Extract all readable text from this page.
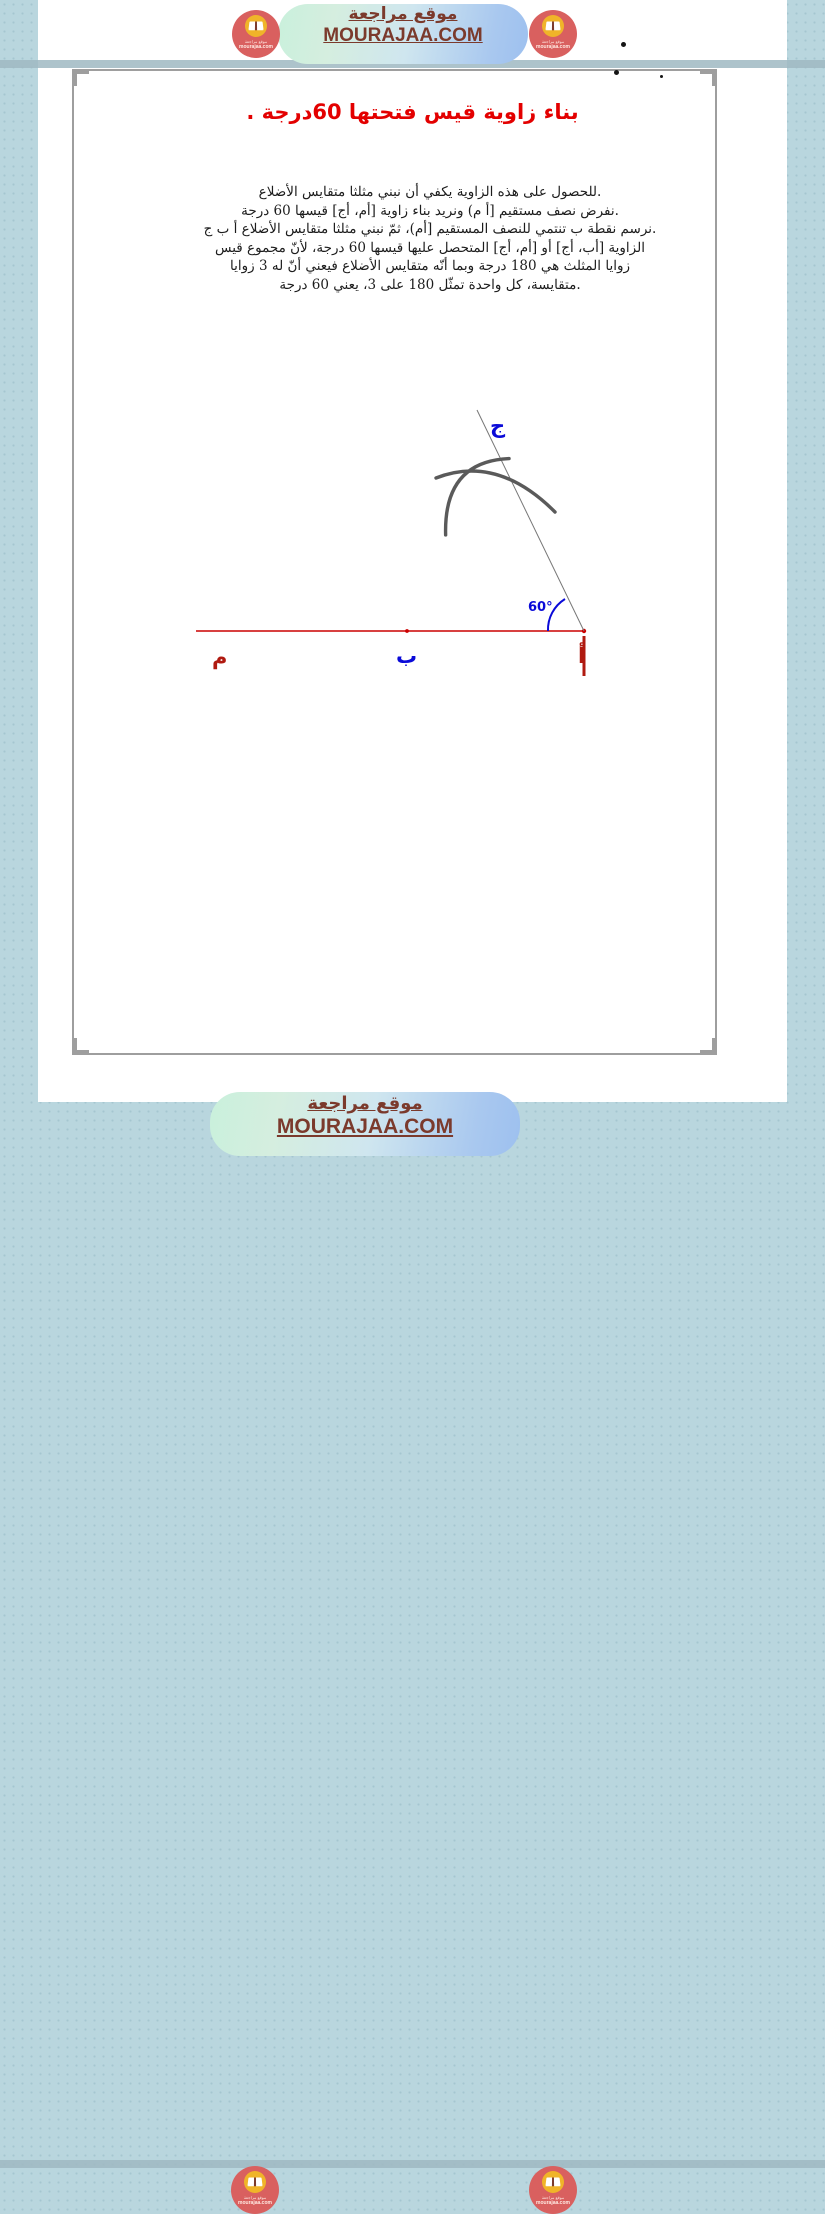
بناء زاوية قيس فتحتها 60درجة .
.للحصول على هذه الزاوية يكفي أن نبني مثلثا متقايس الأضلاع
.نفرض نصف مستقيم [أ م) ونريد بناء زاوية [أم، أج] قيسها 60 درجة
.نرسم نقطة ب تنتمي للنصف المستقيم [أم)، ثمّ نبني مثلثا متقايس الأضلاع أ ب ج
الزاوية [أب، أج] أو [أم، أج] المتحصل عليها قيسها 60 درجة، لأنّ مجموع قيس
زوايا المثلث هي 180 درجة وبما أنّه متقايس الأضلاع فيعني أنّ له 3 زوايا
.متقايسة، كل واحدة تمثّل 180 على 3، يعني 60 درجة
60°
م	ب	أ
ج
موقع مراجعة
MOURAJAA.COM
موقع مراجعة
mourajaa.com
موقع مراجعة
mourajaa.com
موقع مراجعة
MOURAJAA.COM
موقع مراجعة
mourajaa.com
موقع مراجعة
mourajaa.com
